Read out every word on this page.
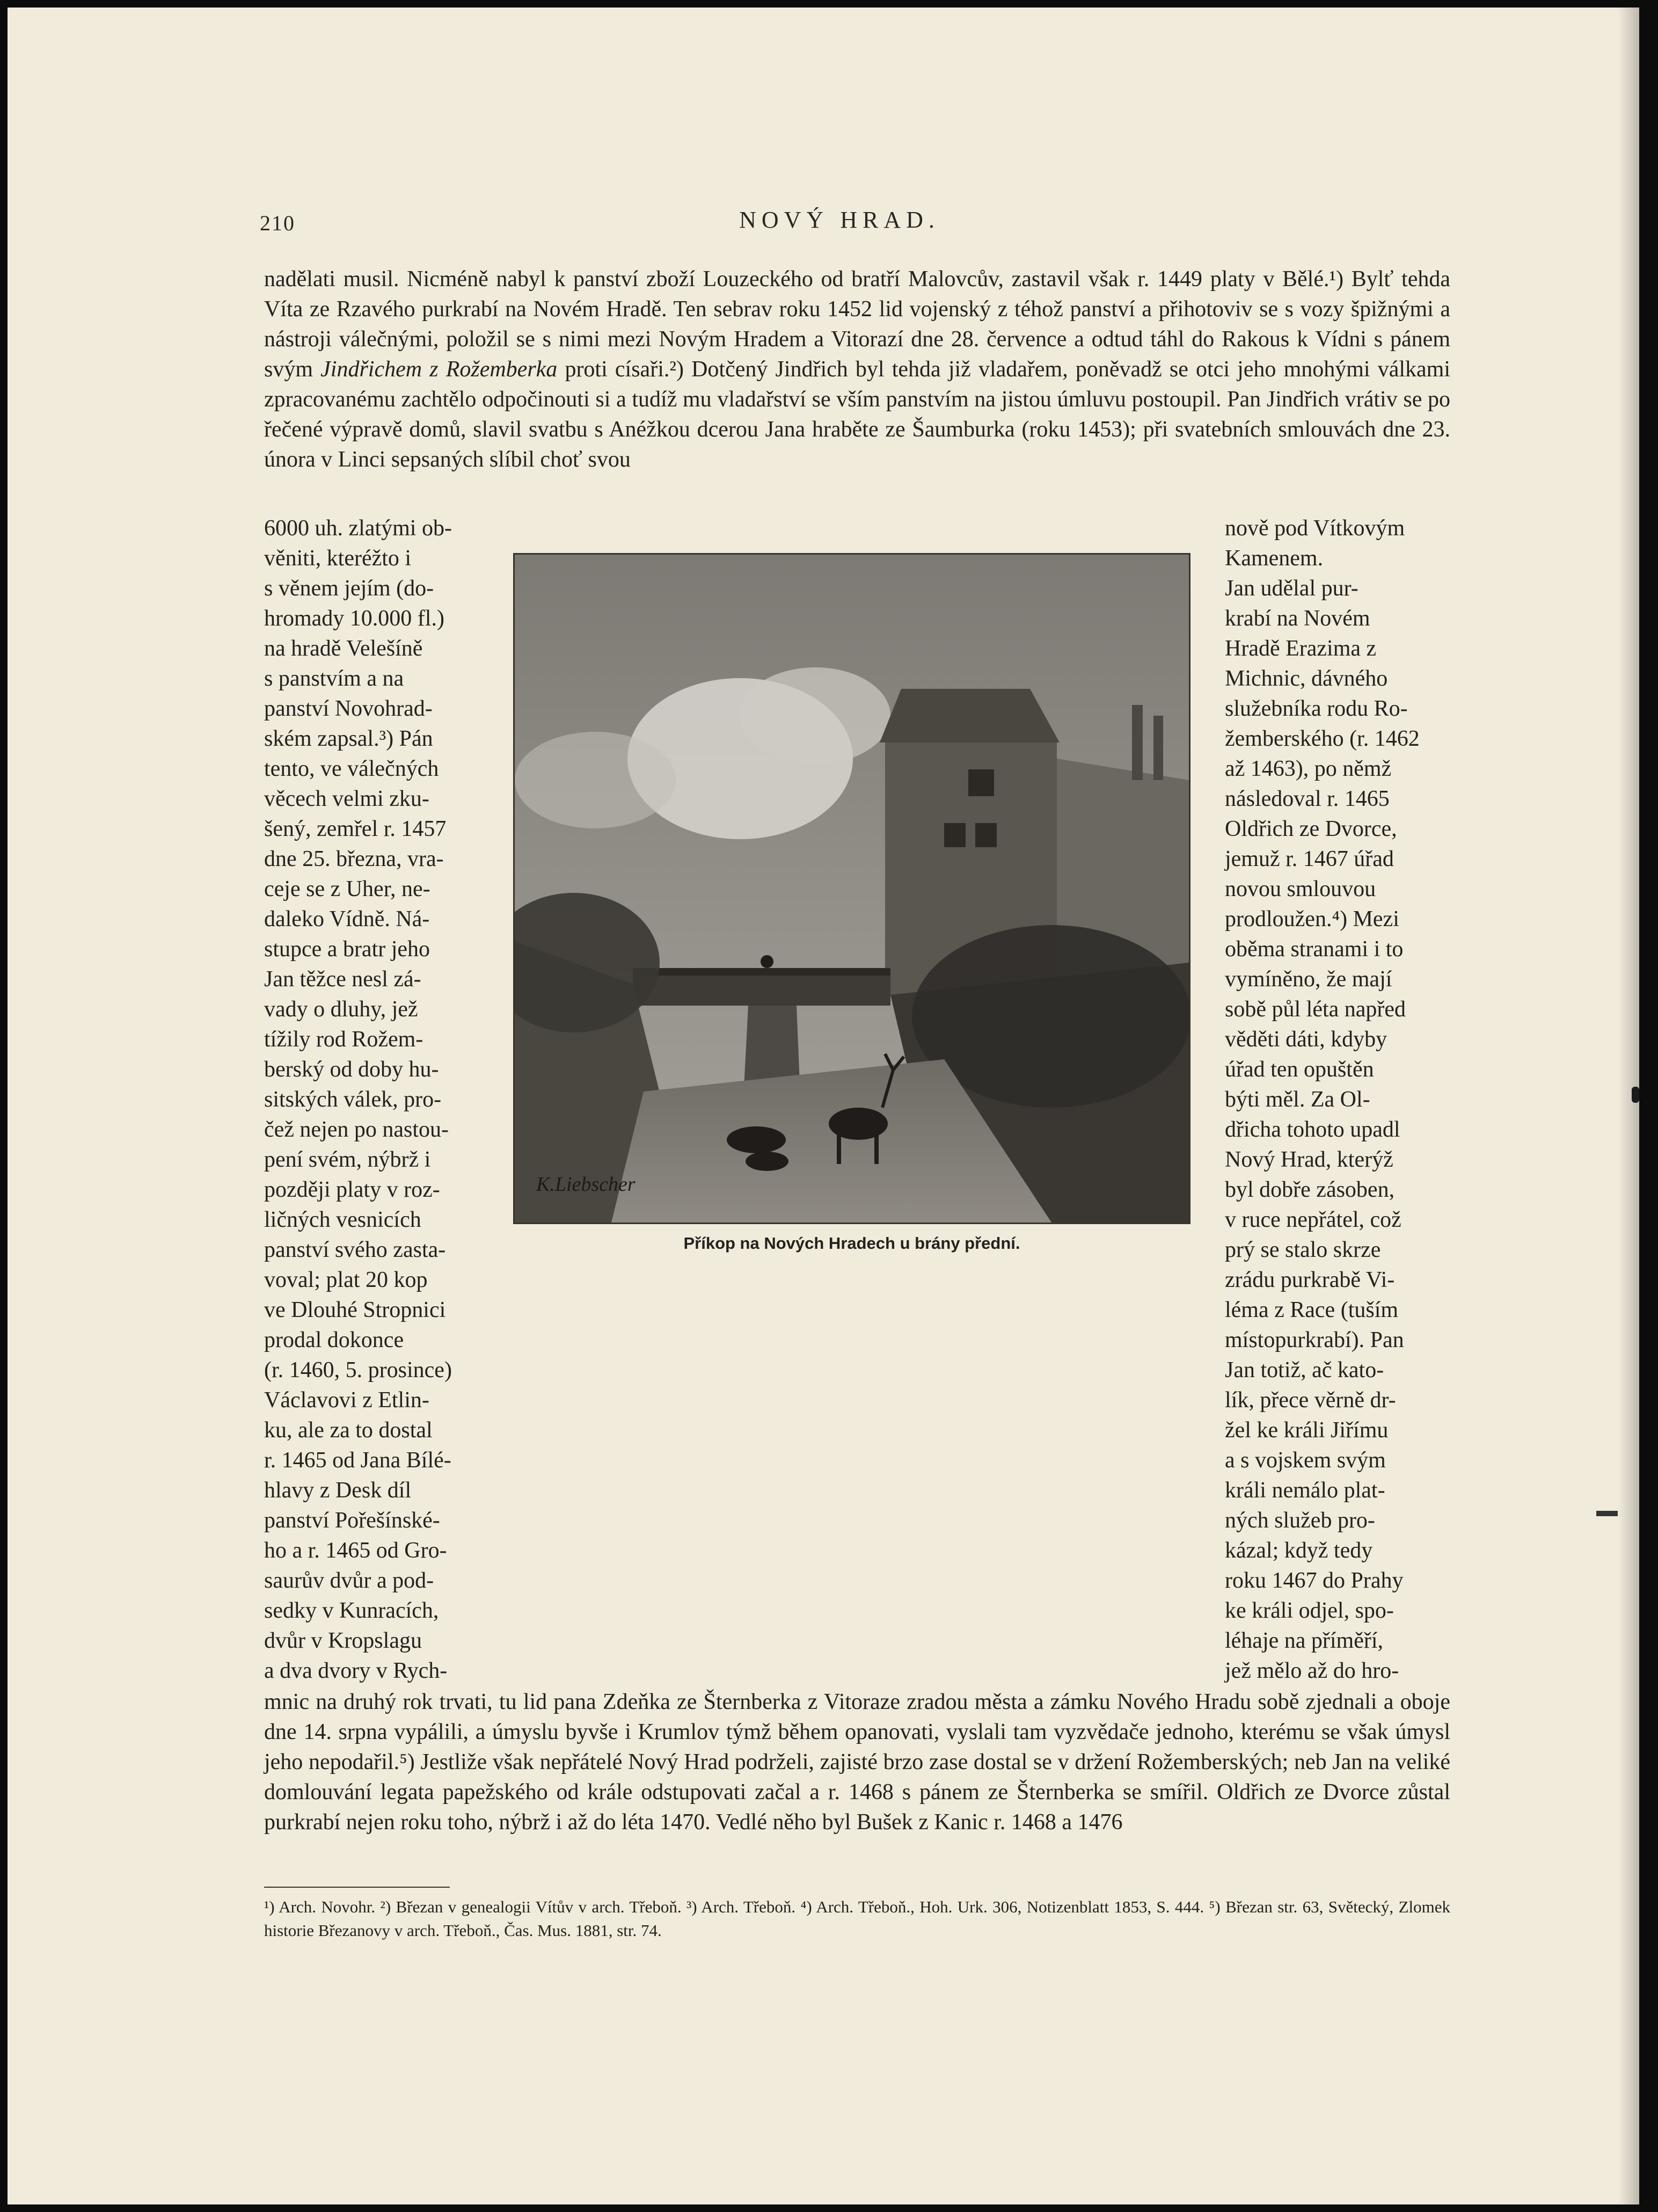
210	NOVÝ HRAD.

nadělati musil. Nicméně nabyl k panství zboží Louzeckého od bratří Malovcův, zastavil však r. 1449 platy v Bělé.¹) Bylť tehda Víta ze Rzavého purkrabí na Novém Hradě. Ten sebrav roku 1452 lid vojenský z téhož panství a přihotoviv se s vozy špižnými a nástroji válečnými, položil se s nimi mezi Novým Hradem a Vitorazí dne 28. července a odtud táhl do Rakous k Vídni s pánem svým Jindřichem z Rožemberka proti císaři.²) Dotčený Jindřich byl tehda již vladařem, poněvadž se otci jeho mnohými válkami zpracovanému zachtělo odpočinouti si a tudíž mu vladařství se vším panstvím na jistou úmluvu postoupil. Pan Jindřich vrátiv se po řečené výpravě domů, slavil svatbu s Anéžkou dcerou Jana hraběte ze Šaumburka (roku 1453); při svatebních smlouvách dne 23. února v Linci sepsaných slíbil choť svou

6000 uh. zlatými ob-

věniti, kteréžto i

s věnem jejím (do-

hromady 10.000 fl.)

na hradě Velešíně

s panstvím a na

panství Novohrad-

ském zapsal.³) Pán

tento, ve válečných

věcech velmi zku-

šený, zemřel r. 1457

dne 25. března, vra-

ceje se z Uher, ne-

daleko Vídně. Ná-

stupce a bratr jeho

Jan těžce nesl zá-

vady o dluhy, jež

tížily rod Rožem-

berský od doby hu-

sitských válek, pro-

čež nejen po nastou-

pení svém, nýbrž i

později platy v roz-

ličných vesnicích

panství svého zasta-

voval; plat 20 kop

ve Dlouhé Stropnici

prodal dokonce

(r. 1460, 5. prosince)

Václavovi z Etlin-

ku, ale za to dostal

r. 1465 od Jana Bílé-

hlavy z Desk díl

panství Pořešínské-

ho a r. 1465 od Gro-

saurův dvůr a pod-

sedky v Kunracích,

dvůr v Kropslagu

a dva dvory v Rych-

nově pod Vítkovým

Kamenem.

Jan udělal pur-

krabí na Novém

Hradě Erazima z

Michnic, dávného

služebníka rodu Ro-

žemberského (r. 1462

až 1463), po němž

následoval r. 1465

Oldřich ze Dvorce,

jemuž r. 1467 úřad

novou smlouvou

prodloužen.⁴) Mezi

oběma stranami i to

vymíněno, že mají

sobě půl léta napřed

věděti dáti, kdyby

úřad ten opuštěn

býti měl. Za Ol-

dřicha tohoto upadl

Nový Hrad, kterýž

byl dobře zásoben,

v ruce nepřátel, což

prý se stalo skrze

zrádu purkrabě Vi-

léma z Race (tuším

místopurkrabí). Pan

Jan totiž, ač kato-

lík, přece věrně dr-

žel ke králi Jiřímu

a s vojskem svým

králi nemálo plat-

ných služeb pro-

kázal; když tedy

roku 1467 do Prahy

ke králi odjel, spo-

léhaje na příměří,

jež mělo až do hro-

K.Liebscher
Příkop na Nových Hradech u brány přední.

mnic na druhý rok trvati, tu lid pana Zdeňka ze Šternberka z Vitoraze zradou města a zámku Nového Hradu sobě zjednali a oboje dne 14. srpna vypálili, a úmyslu byvše i Krumlov týmž během opanovati, vyslali tam vyzvědače jednoho, kterému se však úmysl jeho nepodařil.⁵) Jestliže však nepřátelé Nový Hrad podrželi, zajisté brzo zase dostal se v držení Rožemberských; neb Jan na veliké domlouvání legata papežského od krále odstupovati začal a r. 1468 s pánem ze Šternberka se smířil. Oldřich ze Dvorce zůstal purkrabí nejen roku toho, nýbrž i až do léta 1470. Vedlé něho byl Bušek z Kanic r. 1468 a 1476

¹) Arch. Novohr. ²) Březan v genealogii Vítův v arch. Třeboň. ³) Arch. Třeboň. ⁴) Arch. Třeboň., Hoh. Urk. 306, Notizenblatt 1853, S. 444. ⁵) Březan str. 63, Světecký, Zlomek historie Březanovy v arch. Třeboň., Čas. Mus. 1881, str. 74.
